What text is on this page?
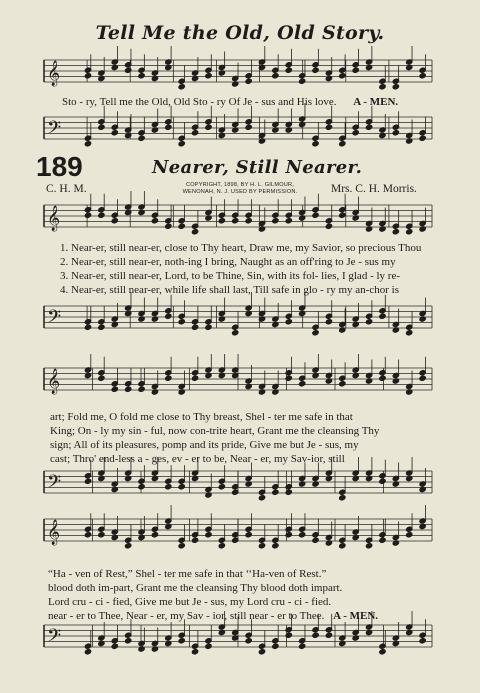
Tell Me the Old, Old Story.
𝄞
𝄢
𝄞
𝄢
𝄞
𝄢
𝄞
𝄢
Sto - ry, Tell me the Old, Old Sto - ry Of Je - sus and His love. A - MEN.
189	Nearer, Still Nearer.
C. H. M.	COPYRIGHT, 1898, BY H. L. GILMOUR,
WENONAH, N. J. USED BY PERMISSION.	Mrs. C. H. Morris.
1. Near-er, still near-er, close to Thy heart, Draw me, my Savior, so precious Thou
2. Near-er, still near-er, noth-ing I bring, Naught as an off'ring to Je - sus my
3. Near-er, still near-er, Lord, to be Thine, Sin, with its fol- lies, I glad - ly re-
4. Near-er, still near-er, while life shall last, Till safe in glo - ry my an-chor is
art; Fold me, O fold me close to Thy breast, Shel - ter me safe in that
King; On - ly my sin - ful, now con-trite heart, Grant me the cleansing Thy
sign; All of its pleasures, pomp and its pride, Give me but Je - sus, my
cast; Thro' end-less a - ges, ev - er to be, Near - er, my Sav-ior, still
“Ha - ven of Rest,” Shel - ter me safe in that ‘‘Ha-ven of Rest.”
blood doth im-part, Grant me the cleansing Thy blood doth impart.
Lord cru - ci - fied, Give me but Je - sus, my Lord cru - ci - fied.
near - er to Thee, Near - er, my Sav - ior, still near - er to Thee. A - MEN.
